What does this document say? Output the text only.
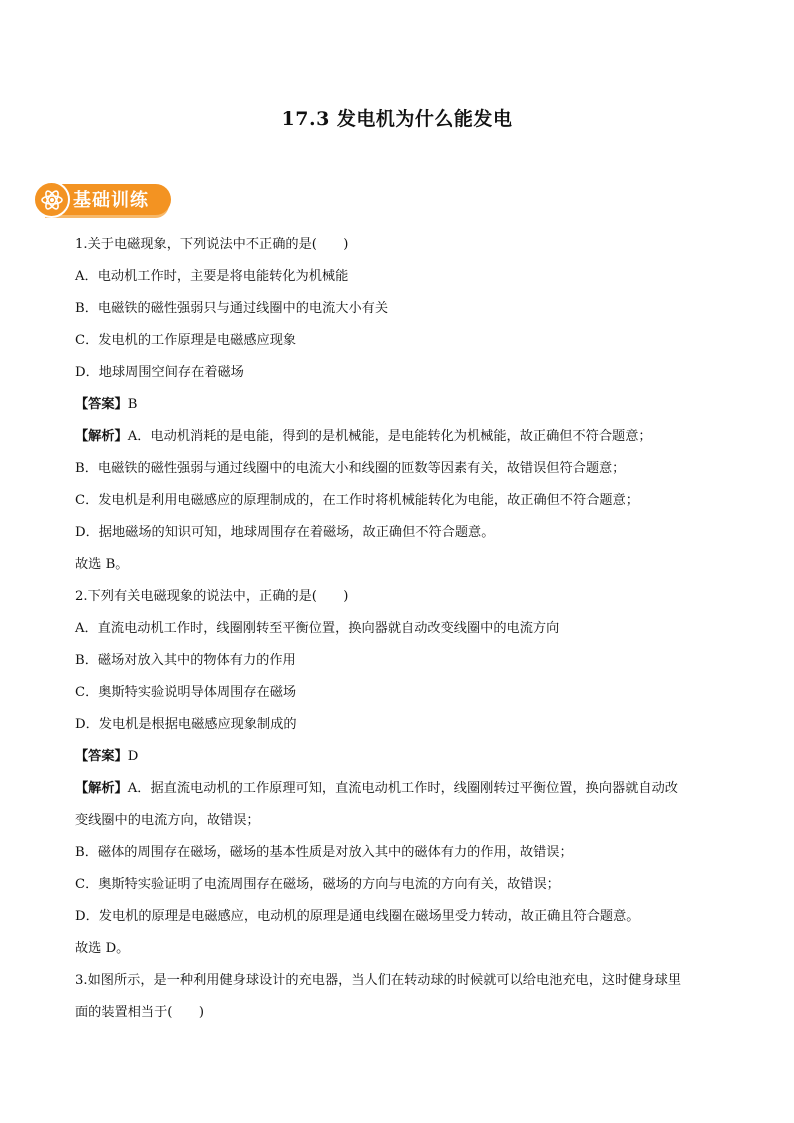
17.3 发电机为什么能发电
基础训练

1.关于电磁现象，下列说法中不正确的是(　　)

A．电动机工作时，主要是将电能转化为机械能

B．电磁铁的磁性强弱只与通过线圈中的电流大小有关

C．发电机的工作原理是电磁感应现象

D．地球周围空间存在着磁场

【答案】B

【解析】A．电动机消耗的是电能，得到的是机械能，是电能转化为机械能，故正确但不符合题意；

B．电磁铁的磁性强弱与通过线圈中的电流大小和线圈的匝数等因素有关，故错误但符合题意；

C．发电机是利用电磁感应的原理制成的，在工作时将机械能转化为电能，故正确但不符合题意；

D．据地磁场的知识可知，地球周围存在着磁场，故正确但不符合题意。

故选 B。

2.下列有关电磁现象的说法中，正确的是(　　)

A．直流电动机工作时，线圈刚转至平衡位置，换向器就自动改变线圈中的电流方向

B．磁场对放入其中的物体有力的作用

C．奥斯特实验说明导体周围存在磁场

D．发电机是根据电磁感应现象制成的

【答案】D

【解析】A．据直流电动机的工作原理可知，直流电动机工作时，线圈刚转过平衡位置，换向器就自动改

变线圈中的电流方向，故错误；

B．磁体的周围存在磁场，磁场的基本性质是对放入其中的磁体有力的作用，故错误；

C．奥斯特实验证明了电流周围存在磁场，磁场的方向与电流的方向有关，故错误；

D．发电机的原理是电磁感应，电动机的原理是通电线圈在磁场里受力转动，故正确且符合题意。

故选 D。

3.如图所示，是一种利用健身球设计的充电器，当人们在转动球的时候就可以给电池充电，这时健身球里

面的装置相当于(　　)
